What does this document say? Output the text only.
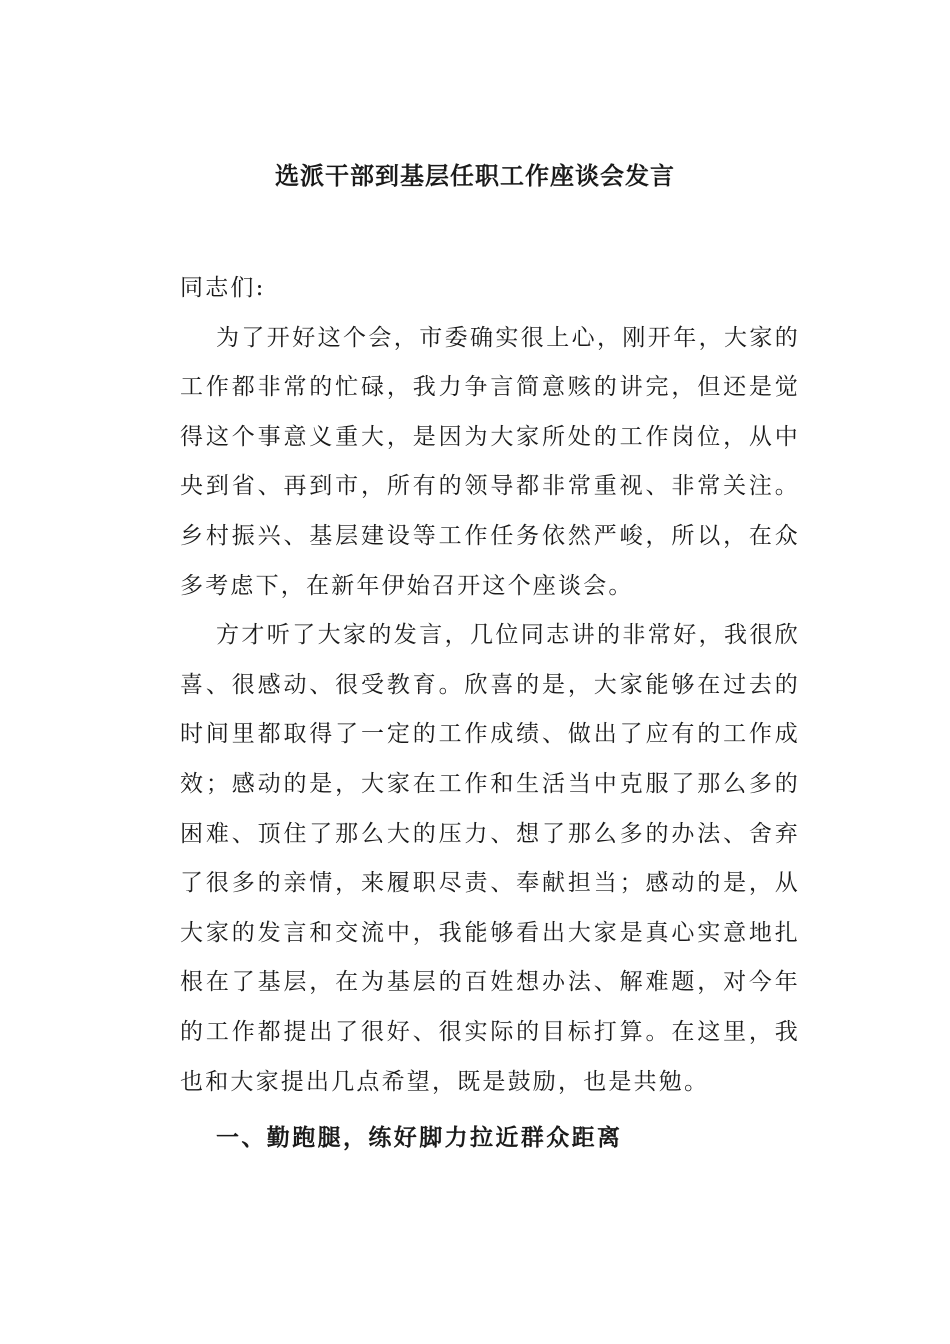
选派干部到基层任职工作座谈会发言

同志们:

为了开好这个会，市委确实很上心，刚开年，大家的工作都非常的忙碌，我力争言简意赅的讲完，但还是觉得这个事意义重大，是因为大家所处的工作岗位，从中央到省、再到市，所有的领导都非常重视、非常关注。乡村振兴、基层建设等工作任务依然严峻，所以，在众多考虑下，在新年伊始召开这个座谈会。

方才听了大家的发言，几位同志讲的非常好，我很欣喜、很感动、很受教育。欣喜的是，大家能够在过去的时间里都取得了一定的工作成绩、做出了应有的工作成效；感动的是，大家在工作和生活当中克服了那么多的困难、顶住了那么大的压力、想了那么多的办法、舍弃了很多的亲情，来履职尽责、奉献担当；感动的是，从大家的发言和交流中，我能够看出大家是真心实意地扎根在了基层，在为基层的百姓想办法、解难题，对今年的工作都提出了很好、很实际的目标打算。在这里，我也和大家提出几点希望，既是鼓励，也是共勉。

一、勤跑腿，练好脚力拉近群众距离
